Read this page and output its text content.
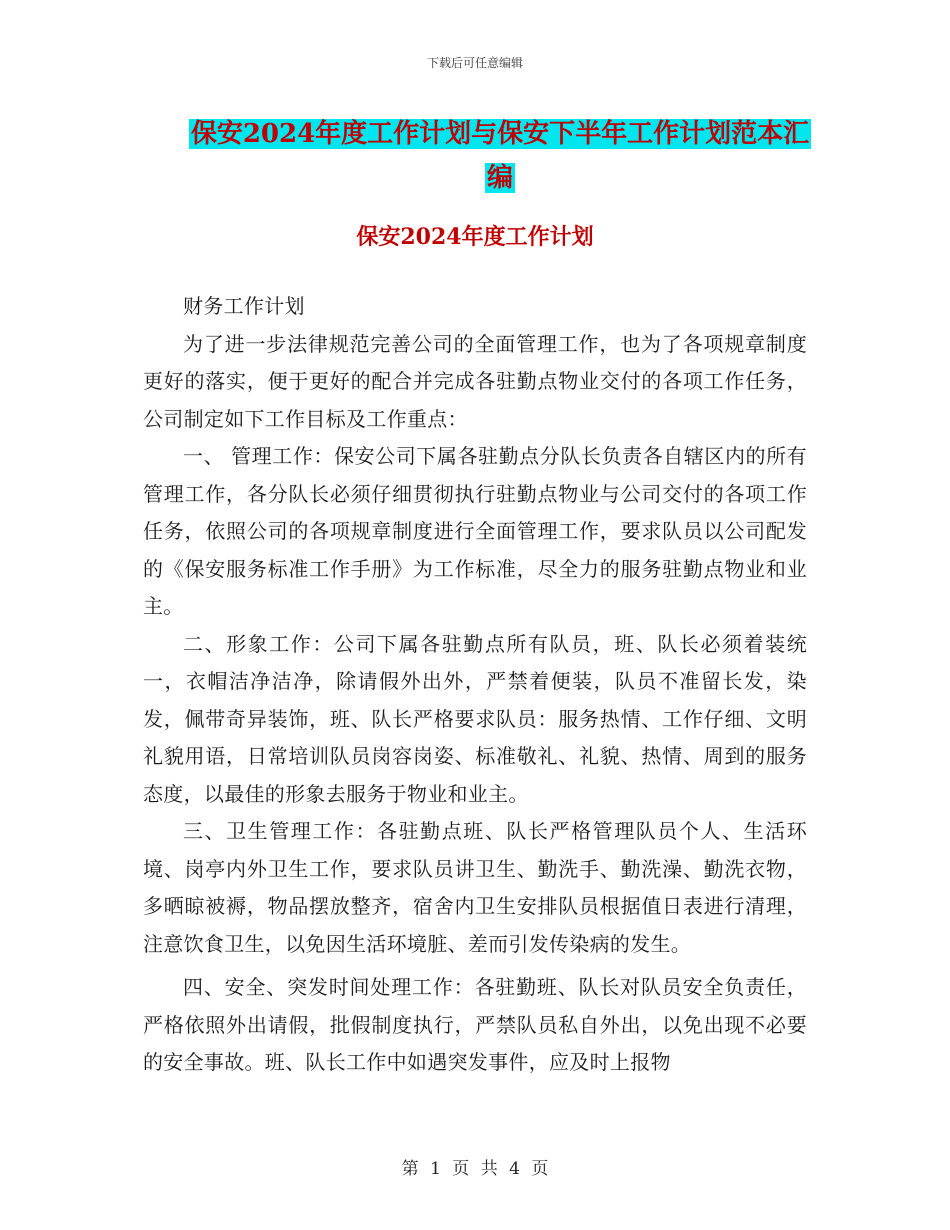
下载后可任意编辑
保安2024年度工作计划与保安下半年工作计划范本汇
编
保安2024年度工作计划

财务工作计划

为了进一步法律规范完善公司的全面管理工作，也为了各项规章制度更好的落实，便于更好的配合并完成各驻勤点物业交付的各项工作任务，公司制定如下工作目标及工作重点：

一、 管理工作：保安公司下属各驻勤点分队长负责各自辖区内的所有管理工作，各分队长必须仔细贯彻执行驻勤点物业与公司交付的各项工作任务，依照公司的各项规章制度进行全面管理工作，要求队员以公司配发的《保安服务标准工作手册》为工作标准，尽全力的服务驻勤点物业和业主。

二、形象工作：公司下属各驻勤点所有队员，班、队长必须着装统一，衣帽洁净洁净，除请假外出外，严禁着便装，队员不准留长发，染发，佩带奇异装饰，班、队长严格要求队员：服务热情、工作仔细、文明礼貌用语，日常培训队员岗容岗姿、标准敬礼、礼貌、热情、周到的服务态度，以最佳的形象去服务于物业和业主。

三、卫生管理工作：各驻勤点班、队长严格管理队员个人、生活环境、岗亭内外卫生工作，要求队员讲卫生、勤洗手、勤洗澡、勤洗衣物，多晒晾被褥，物品摆放整齐，宿舍内卫生安排队员根据值日表进行清理，注意饮食卫生，以免因生活环境脏、差而引发传染病的发生。

四、安全、突发时间处理工作：各驻勤班、队长对队员安全负责任，严格依照外出请假，批假制度执行，严禁队员私自外出，以免出现不必要的安全事故。班、队长工作中如遇突发事件，应及时上报物

第 1 页 共 4 页
